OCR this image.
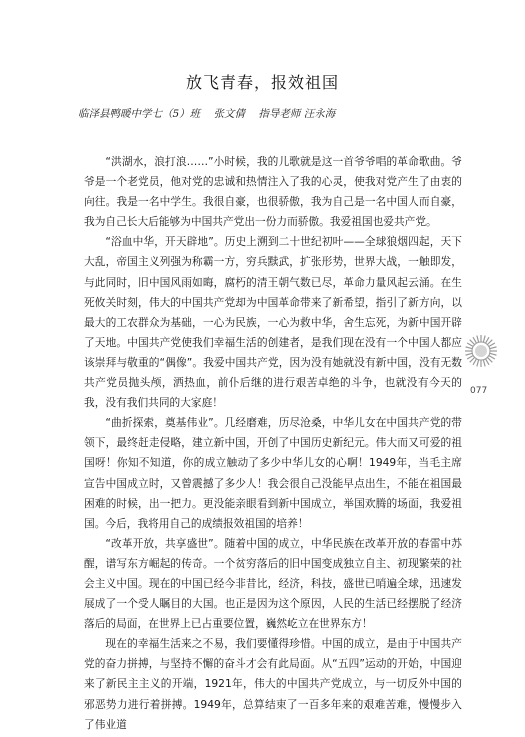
放飞青春，报效祖国
临泽县鸭暖中学七（5）班 张文倩 指导老师 汪永海

“洪湖水，浪打浪……”小时候，我的儿歌就是这一首爷爷唱的革命歌曲。爷爷是一个老党员，他对党的忠诚和热情注入了我的心灵，使我对党产生了由衷的向往。我是一名中学生。我很自豪，也很骄傲，我为自己是一名中国人而自豪，我为自己长大后能够为中国共产党出一份力而骄傲。我爱祖国也爱共产党。

“浴血中华，开天辟地”。历史上溯到二十世纪初叶——全球狼烟四起，天下大乱，帝国主义列强为称霸一方，穷兵黩武，扩张形势，世界大战，一触即发，与此同时，旧中国风雨如晦，腐朽的清王朝气数已尽，革命力量风起云涌。在生死攸关时刻，伟大的中国共产党却为中国革命带来了新希望，指引了新方向，以最大的工农群众为基础，一心为民族，一心为救中华，舍生忘死，为新中国开辟了天地。中国共产党使我们幸福生活的创建者，是我们现在没有一个中国人都应该崇拜与敬重的“偶像”。我爱中国共产党，因为没有她就没有新中国，没有无数共产党员抛头颅，洒热血，前仆后继的进行艰苦卓绝的斗争，也就没有今天的我，没有我们共同的大家庭！

“曲折探索，奠基伟业”。几经磨难，历尽沧桑，中华儿女在中国共产党的带领下，最终赶走侵略，建立新中国，开创了中国历史新纪元。伟大而又可爱的祖国呀！你知不知道，你的成立触动了多少中华儿女的心啊！1949年，当毛主席宣告中国成立时，又曾震撼了多少人！我会很自己没能早点出生，不能在祖国最困难的时候，出一把力。更没能亲眼看到新中国成立，举国欢腾的场面，我爱祖国。今后，我将用自己的成绩报效祖国的培养！

“改革开放，共享盛世”。随着中国的成立，中华民族在改革开放的春雷中苏醒，谱写东方崛起的传奇。一个贫穷落后的旧中国变成独立自主、初现繁荣的社会主义中国。现在的中国已经今非昔比，经济，科技，盛世已哨遍全球，迅速发展成了一个受人瞩目的大国。也正是因为这个原因，人民的生活已经摆脱了经济落后的局面，在世界上已占重要位置，巍然屹立在世界东方！

现在的幸福生活来之不易，我们要懂得珍惜。中国的成立，是由于中国共产党的奋力拼搏，与坚持不懈的奋斗才会有此局面。从“五四”运动的开始，中国迎来了新民主主义的开端，1921年，伟大的中国共产党成立，与一切反外中国的邪恶势力进行着拼搏。1949年，总算结束了一百多年来的艰难苦难，慢慢步入了伟业道

077
